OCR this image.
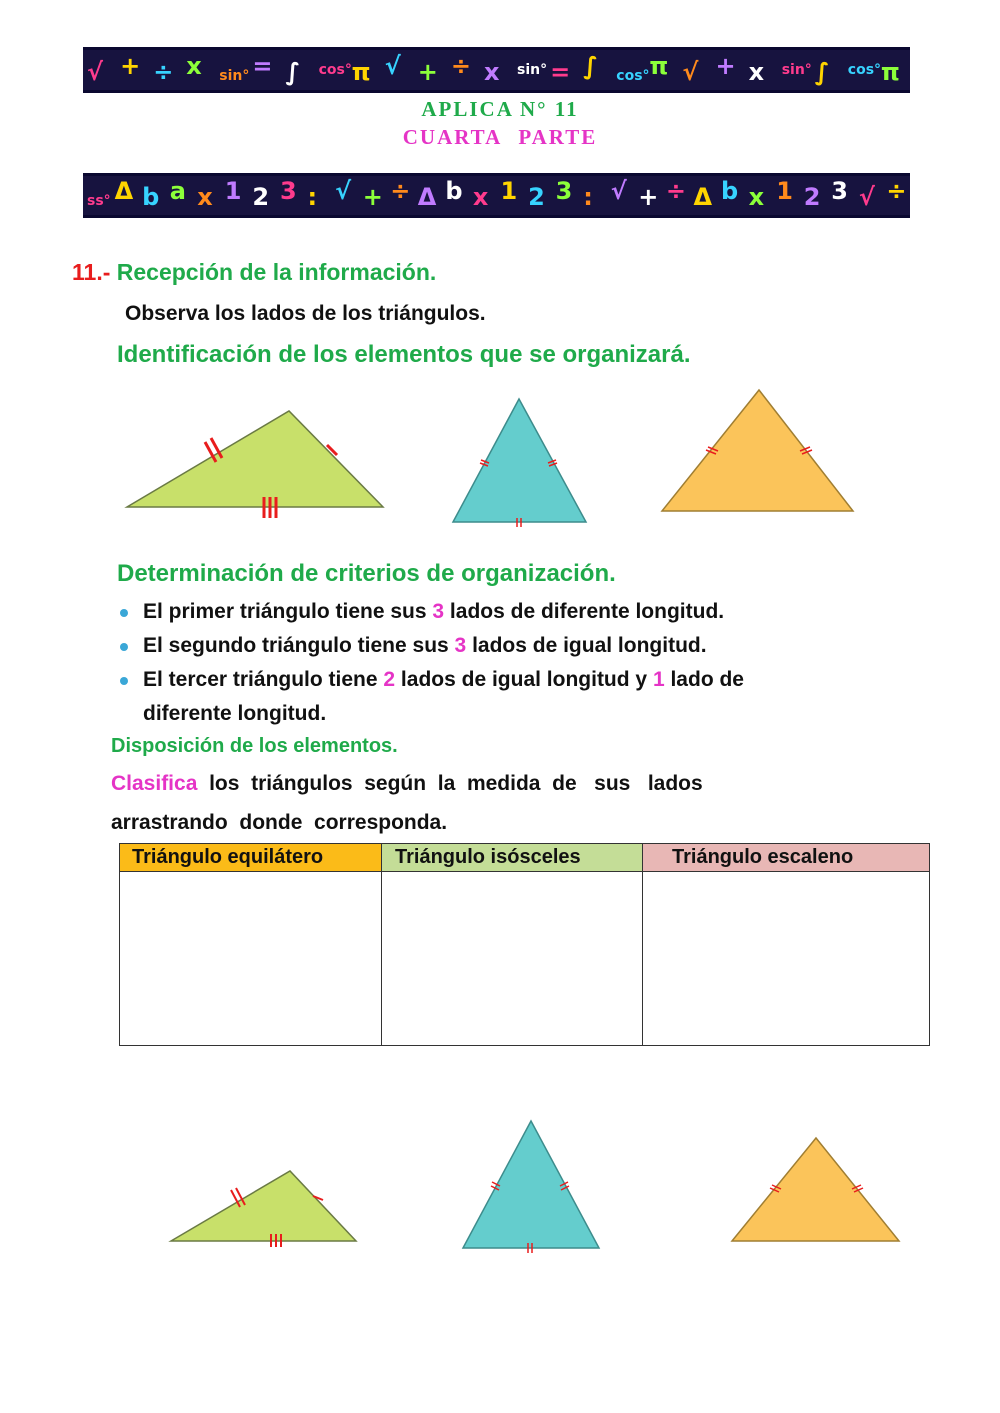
√ + ÷ x sin° = ∫ cos° π √ + ÷ x sin° = ∫ cos° π √ + x sin° ∫ cos° π
APLICA N° 11
CUARTA PARTE
ss° Δ b a x 1 2 3 : √ + ÷ Δ b x 1 2 3 : √ + ÷ Δ b x 1 2 3 √ ÷
11.- Recepción de la información.
Observa los lados de los triángulos.
Identificación de los elementos que se organizará.
Determinación de criterios de organización.
El primer triángulo tiene sus 3 lados de diferente longitud.
El segundo triángulo tiene sus 3 lados de igual longitud.
El tercer triángulo tiene 2 lados de igual longitud y 1 lado de
diferente longitud.
Disposición de los elementos.
Clasifica los  triángulos  según  la  medida  de   sus   lados
arrastrando  donde  corresponda.
Triángulo equilátero	Triángulo isósceles	Triángulo escaleno
